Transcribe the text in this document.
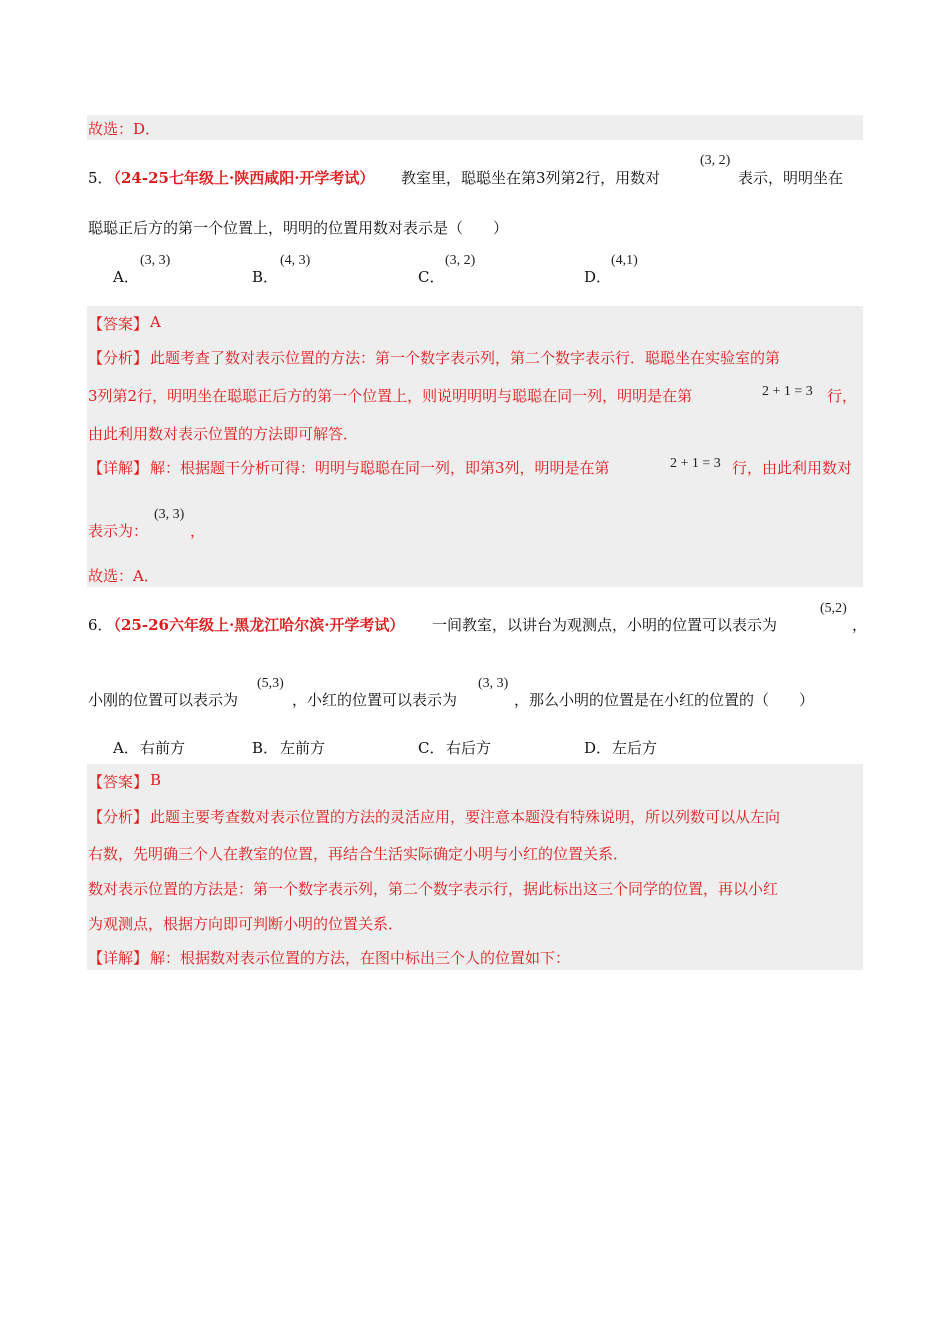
故选：D．
5．
（24-25七年级上·陕西咸阳·开学考试） 教室里，聪聪坐在第3列第2行，用数对
(3, 2)
表示，明明坐在
聪聪正后方的第一个位置上，明明的位置用数对表示是（　　）
A．
(3, 3)
B．
(4, 3)
C．
(3, 2)
D．
(4,1)
【答案】 A
【分析】 此题考查了数对表示位置的方法：第一个数字表示列，第二个数字表示行．聪聪坐在实验室的第
3列第2行，明明坐在聪聪正后方的第一个位置上，则说明明明与聪聪在同一列，明明是在第	2 + 1 = 3 行，
由此利用数对表示位置的方法即可解答．
【详解】 解：根据题干分析可得：明明与聪聪在同一列，即第3列，明明是在第	2 + 1 = 3 行，由此利用数对
表示为：
(3, 3)
，
故选：A．
6．
（25-26六年级上·黑龙江哈尔滨·开学考试） 一间教室，以讲台为观测点，小明的位置可以表示为
(5,2)
，
小刚的位置可以表示为
(5,3)
，小红的位置可以表示为
(3, 3)
，那么小明的位置是在小红的位置的（　　）
A． 右前方	B． 左前方	C． 右后方	D． 左后方
【答案】 B
【分析】 此题主要考查数对表示位置的方法的灵活应用，要注意本题没有特殊说明，所以列数可以从左向
右数，先明确三个人在教室的位置，再结合生活实际确定小明与小红的位置关系．
数对表示位置的方法是：第一个数字表示列，第二个数字表示行，据此标出这三个同学的位置，再以小红
为观测点，根据方向即可判断小明的位置关系．
【详解】 解：根据数对表示位置的方法，在图中标出三个人的位置如下：
